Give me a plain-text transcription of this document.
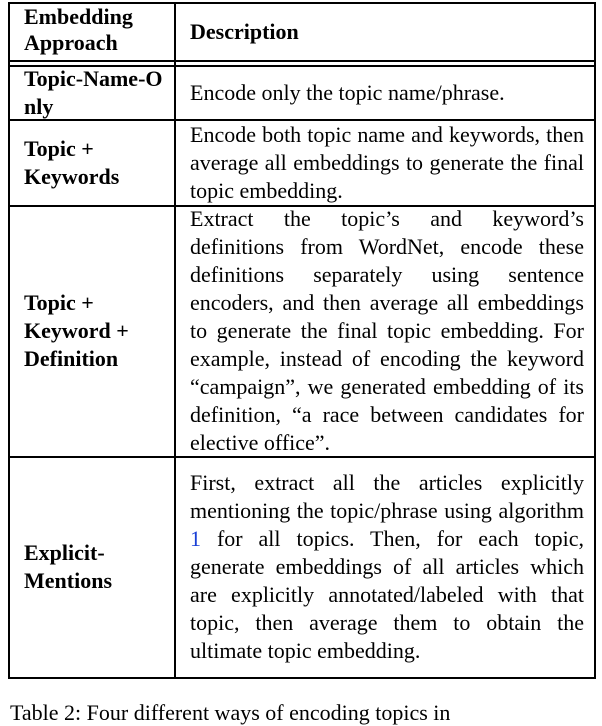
Embedding Approach	Description
Topic-Name-Only
Encode only the topic name/phrase.
Topic + Keywords
Encode both topic name and keywords, then average all embeddings to generate the final topic embedding.
Topic + Keyword + Definition
Extract the topic’s and keyword’s definitions from WordNet, encode these definitions separately using sentence encoders, and then average all embeddings to generate the final topic embedding. For example, instead of encoding the keyword “campaign”, we generated embedding of its definition, “a race between candidates for elective office”.
Explicit-Mentions
First, extract all the articles explicitly mentioning the topic/phrase using algorithm 1 for all topics. Then, for each topic, generate embeddings of all articles which are explicitly annotated/labeled with that topic, then average them to obtain the ultimate topic embedding.
Table 2: Four different ways of encoding topics in
